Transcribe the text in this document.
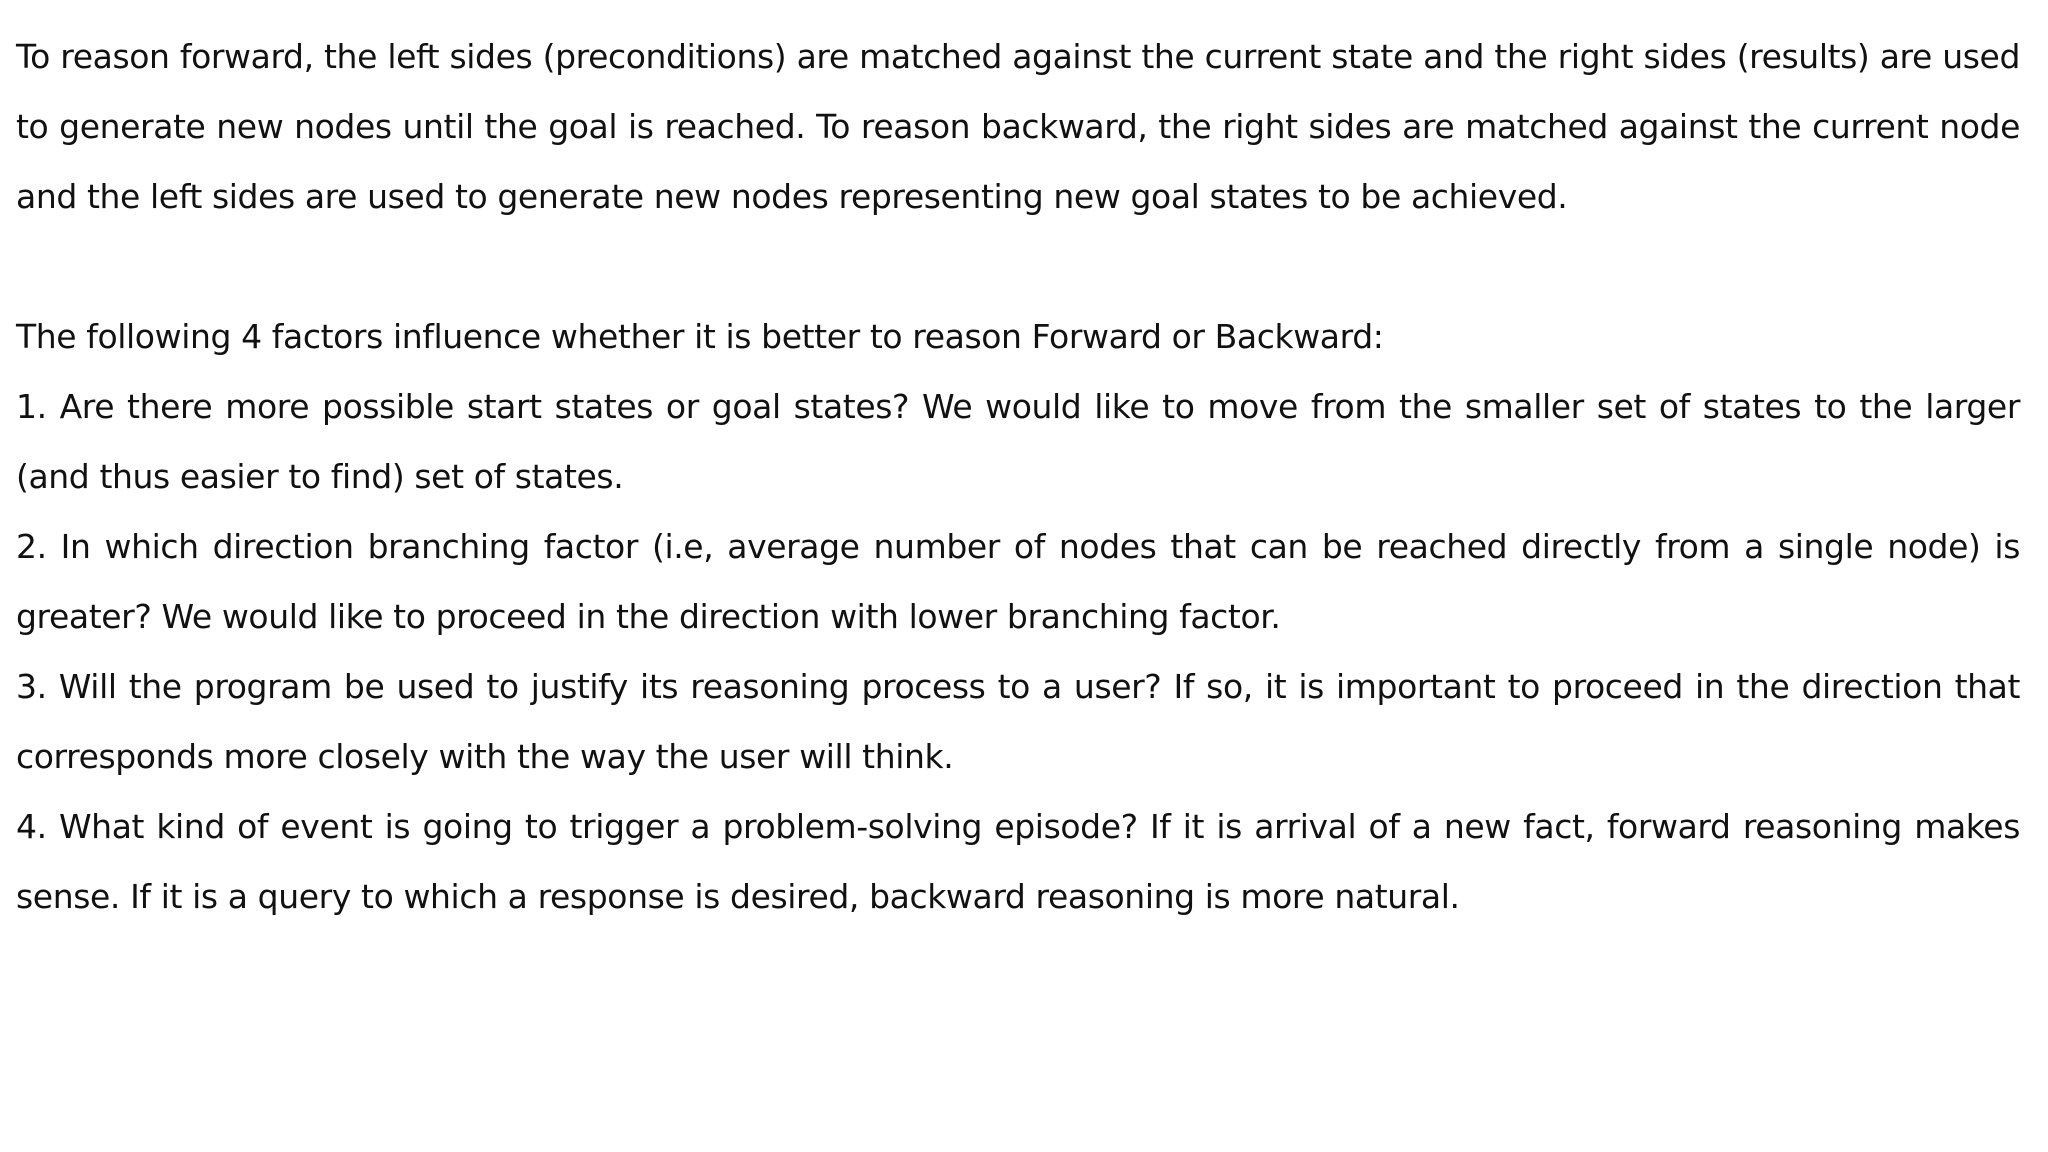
To reason forward, the left sides (preconditions) are matched against the current state and the right sides (results) are used to generate new nodes until the goal is reached. To reason backward, the right sides are matched against the current node and the left sides are used to generate new nodes representing new goal states to be achieved.

The following 4 factors influence whether it is better to reason Forward or Backward:

1. Are there more possible start states or goal states? We would like to move from the smaller set of states to the larger (and thus easier to find) set of states.

2. In which direction branching factor (i.e, average number of nodes that can be reached directly from a single node) is greater? We would like to proceed in the direction with lower branching factor.

3. Will the program be used to justify its reasoning process to a user? If so, it is important to proceed in the direction that corresponds more closely with the way the user will think.

4. What kind of event is going to trigger a problem-solving episode? If it is arrival of a new fact, forward reasoning makes sense. If it is a query to which a response is desired, backward reasoning is more natural.
